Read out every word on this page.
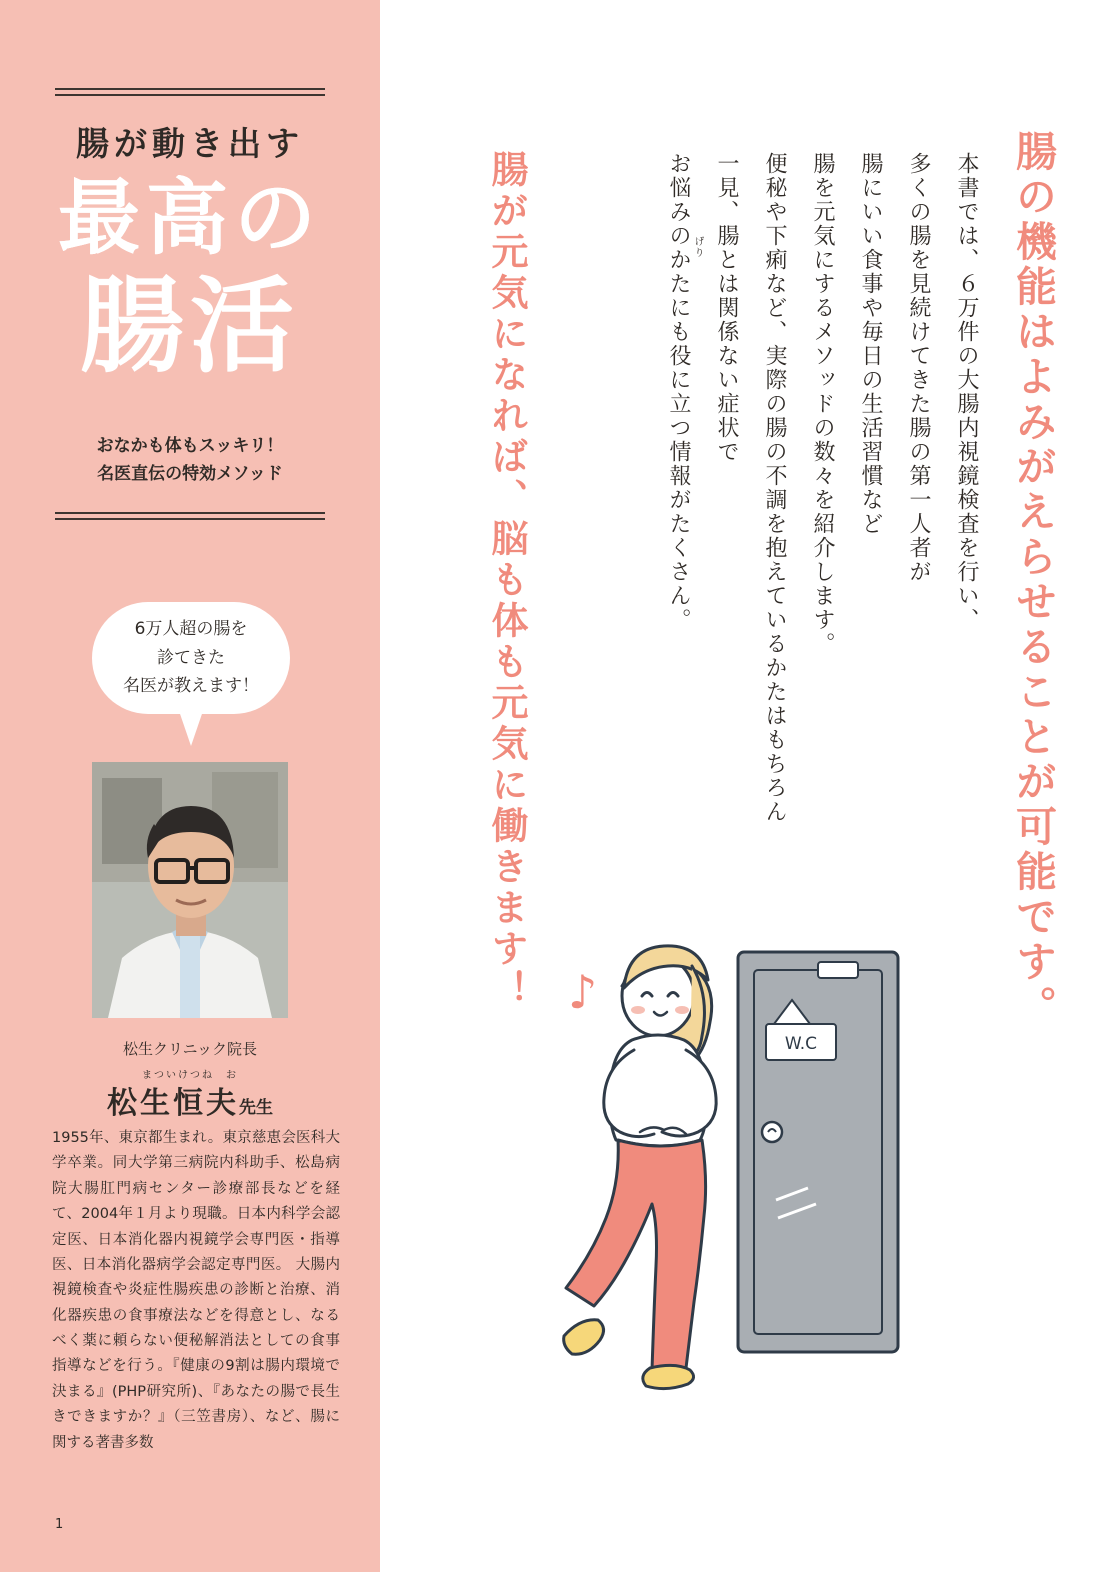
腸が動き出す
最高の
腸活
おなかも体もスッキリ！
名医直伝の特効メソッド
6万人超の腸を
診てきた
名医が教えます！
松生クリニック院長
まついけつね　お
松生恒夫先生
1955年、東京都生まれ。東京慈恵会医科大学卒業。同大学第三病院内科助手、松島病院大腸肛門病センター診療部長などを経て、2004年１月より現職。日本内科学会認定医、日本消化器内視鏡学会専門医・指導医、日本消化器病学会認定専門医。 大腸内視鏡検査や炎症性腸疾患の診断と治療、消化器疾患の食事療法などを得意とし、なるべく薬に頼らない便秘解消法としての食事指導などを行う。『健康の9割は腸内環境で決まる』(PHP研究所)、『あなたの腸で長生きできますか？』（三笠書房）、など、腸に関する著書多数
1
腸の機能はよみがえらせることが可能です。
本書では、６万件の大腸内視鏡検査を行い、
多くの腸を見続けてきた腸の第一人者が
腸にいい食事や毎日の生活習慣など
腸を元気にするメソッドの数々を紹介します。
便秘や下痢など、実際の腸の不調を抱えているかたはもちろん
一見、腸とは関係ない症状で
お悩みのかたにも役に立つ情報がたくさん。 げり
腸が元気になれば、脳も体も元気に働きます！
W.C
♪
